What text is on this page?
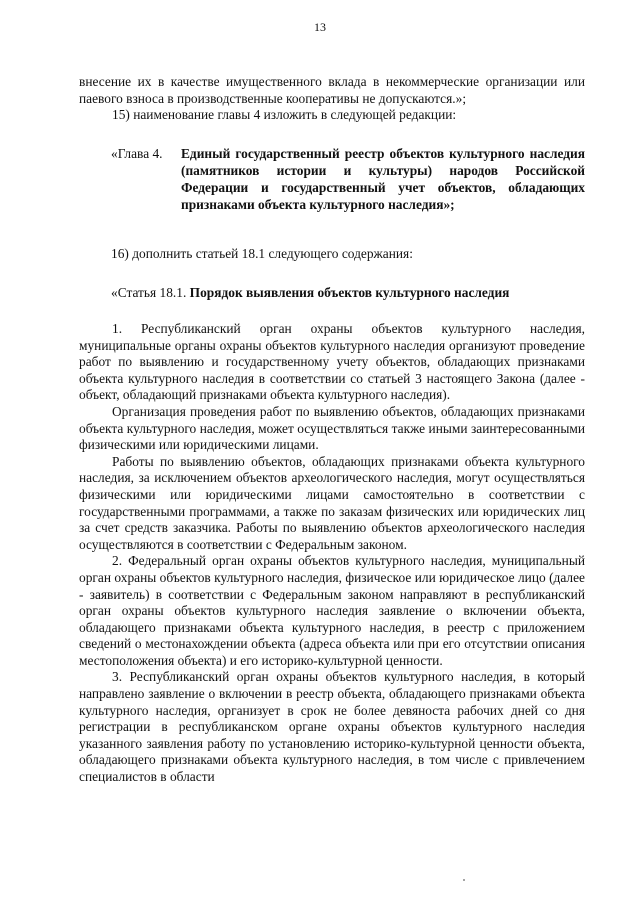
13

внесение их в качестве имущественного вклада в некоммерческие организации или паевого взноса в производственные кооперативы не допускаются.»;

15) наименование главы 4 изложить в следующей редакции:

«Глава 4.	Единый государственный реестр объектов культурного наследия (памятников истории и культуры) народов Российской Федерации и государственный учет объектов, обладающих признаками объекта культурного наследия»;
16) дополнить статьей 18.1 следующего содержания:
«Статья 18.1. Порядок выявления объектов культурного наследия

1. Республиканский орган охраны объектов культурного наследия, муниципальные органы охраны объектов культурного наследия организуют проведение работ по выявлению и государственному учету объектов, обладающих признаками объекта культурного наследия в соответствии со статьей 3 настоящего Закона (далее - объект, обладающий признаками объекта культурного наследия).

Организация проведения работ по выявлению объектов, обладающих признаками объекта культурного наследия, может осуществляться также иными заинтересованными физическими или юридическими лицами.

Работы по выявлению объектов, обладающих признаками объекта культурного наследия, за исключением объектов археологического наследия, могут осуществляться физическими или юридическими лицами самостоятельно в соответствии с государственными программами, а также по заказам физических или юридических лиц за счет средств заказчика. Работы по выявлению объектов археологического наследия осуществляются в соответствии с Федеральным законом.

2. Федеральный орган охраны объектов культурного наследия, муниципальный орган охраны объектов культурного наследия, физическое или юридическое лицо (далее - заявитель) в соответствии с Федеральным законом направляют в республиканский орган охраны объектов культурного наследия заявление о включении объекта, обладающего признаками объекта культурного наследия, в реестр с приложением сведений о местонахождении объекта (адреса объекта или при его отсутствии описания местоположения объекта) и его историко-культурной ценности.

3. Республиканский орган охраны объектов культурного наследия, в который направлено заявление о включении в реестр объекта, обладающего признаками объекта культурного наследия, организует в срок не более девяноста рабочих дней со дня регистрации в республиканском органе охраны объектов культурного наследия указанного заявления работу по установлению историко-культурной ценности объекта, обладающего признаками объекта культурного наследия, в том числе с привлечением специалистов в области
